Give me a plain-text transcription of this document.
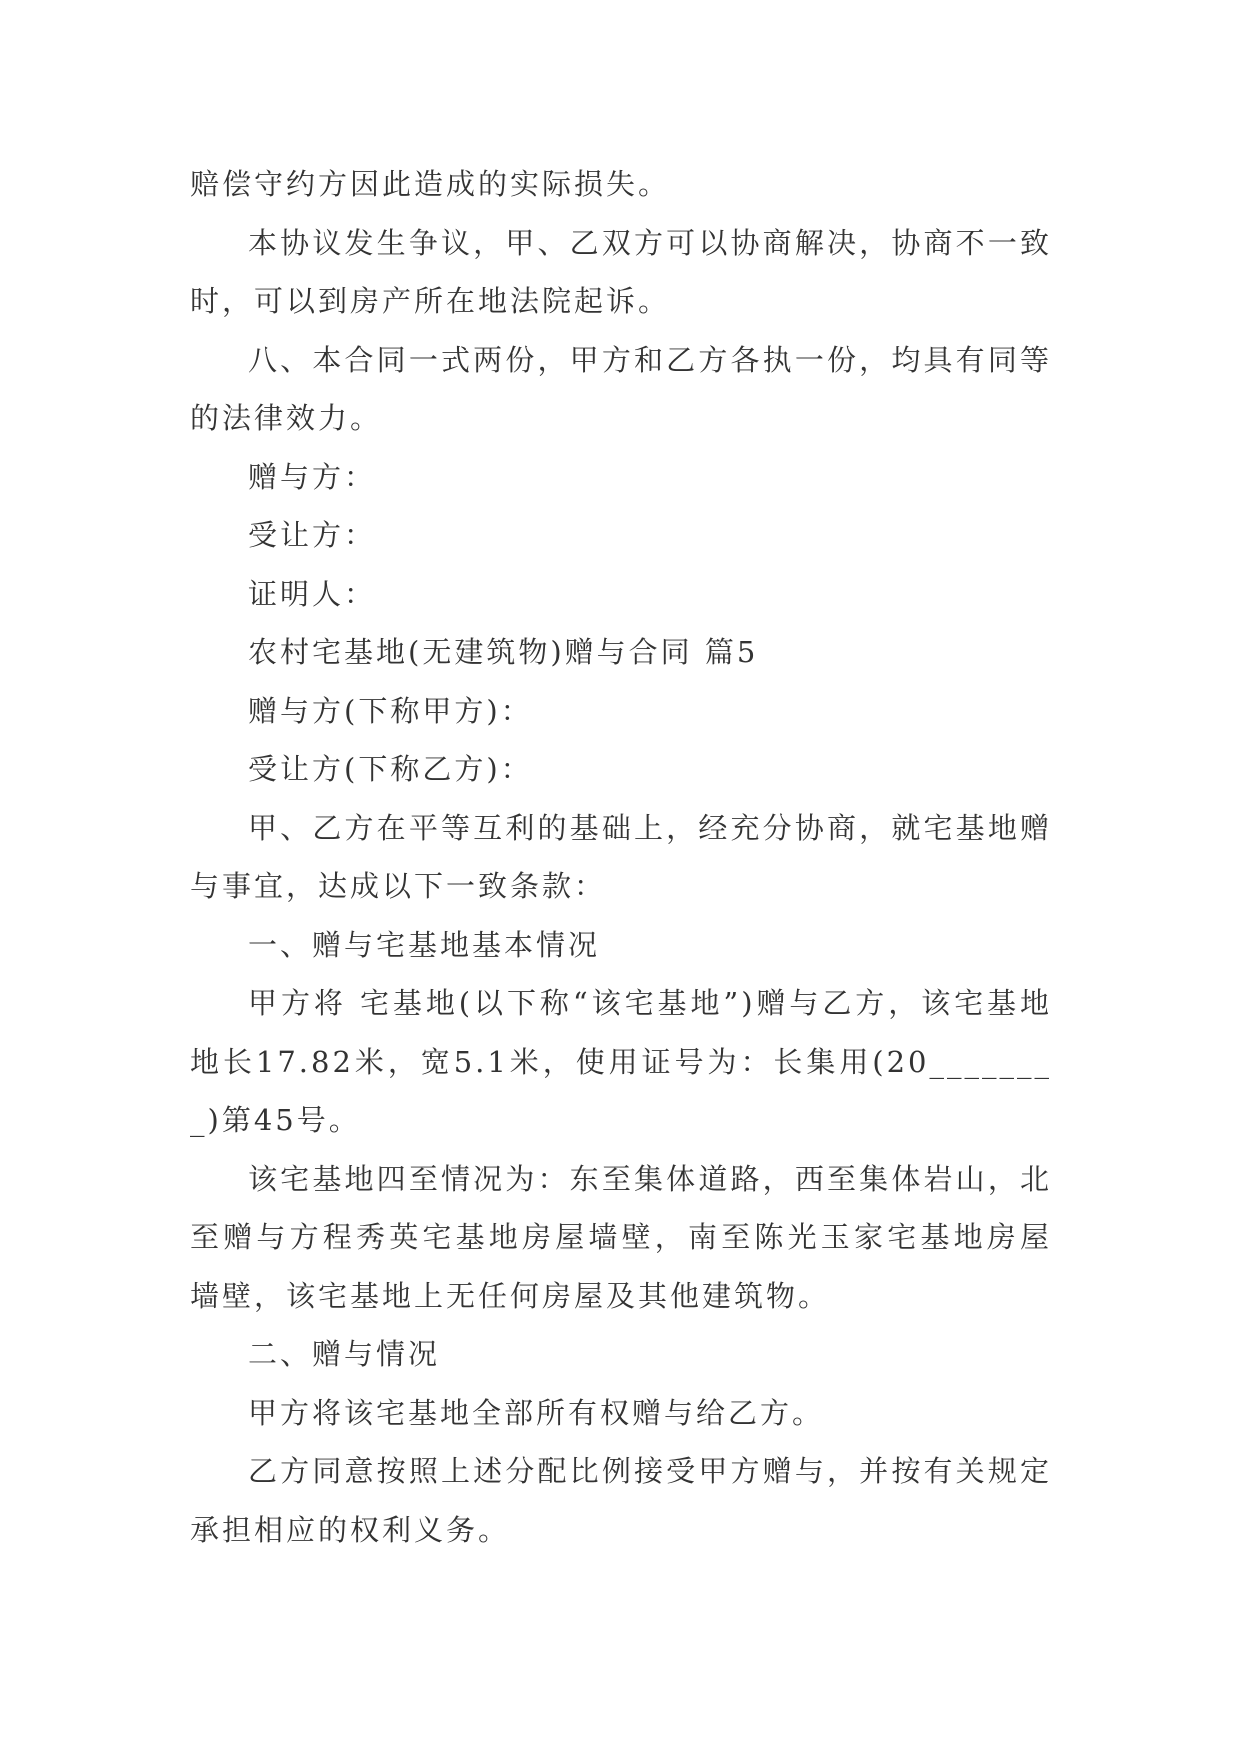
赔偿守约方因此造成的实际损失。

本协议发生争议，甲、乙双方可以协商解决，协商不一致时，可以到房产所在地法院起诉。

八、本合同一式两份，甲方和乙方各执一份，均具有同等的法律效力。

赠与方：

受让方：

证明人：

农村宅基地(无建筑物)赠与合同 篇5

赠与方(下称甲方)：

受让方(下称乙方)：

甲、乙方在平等互利的基础上，经充分协商，就宅基地赠与事宜，达成以下一致条款：

一、赠与宅基地基本情况

甲方将 宅基地(以下称“该宅基地”)赠与乙方，该宅基地地长17.82米，宽5.1米，使用证号为：长集用(20________)第45号。

该宅基地四至情况为：东至集体道路，西至集体岩山，北至赠与方程秀英宅基地房屋墙壁，南至陈光玉家宅基地房屋墙壁，该宅基地上无任何房屋及其他建筑物。

二、赠与情况

甲方将该宅基地全部所有权赠与给乙方。

乙方同意按照上述分配比例接受甲方赠与，并按有关规定承担相应的权利义务。
